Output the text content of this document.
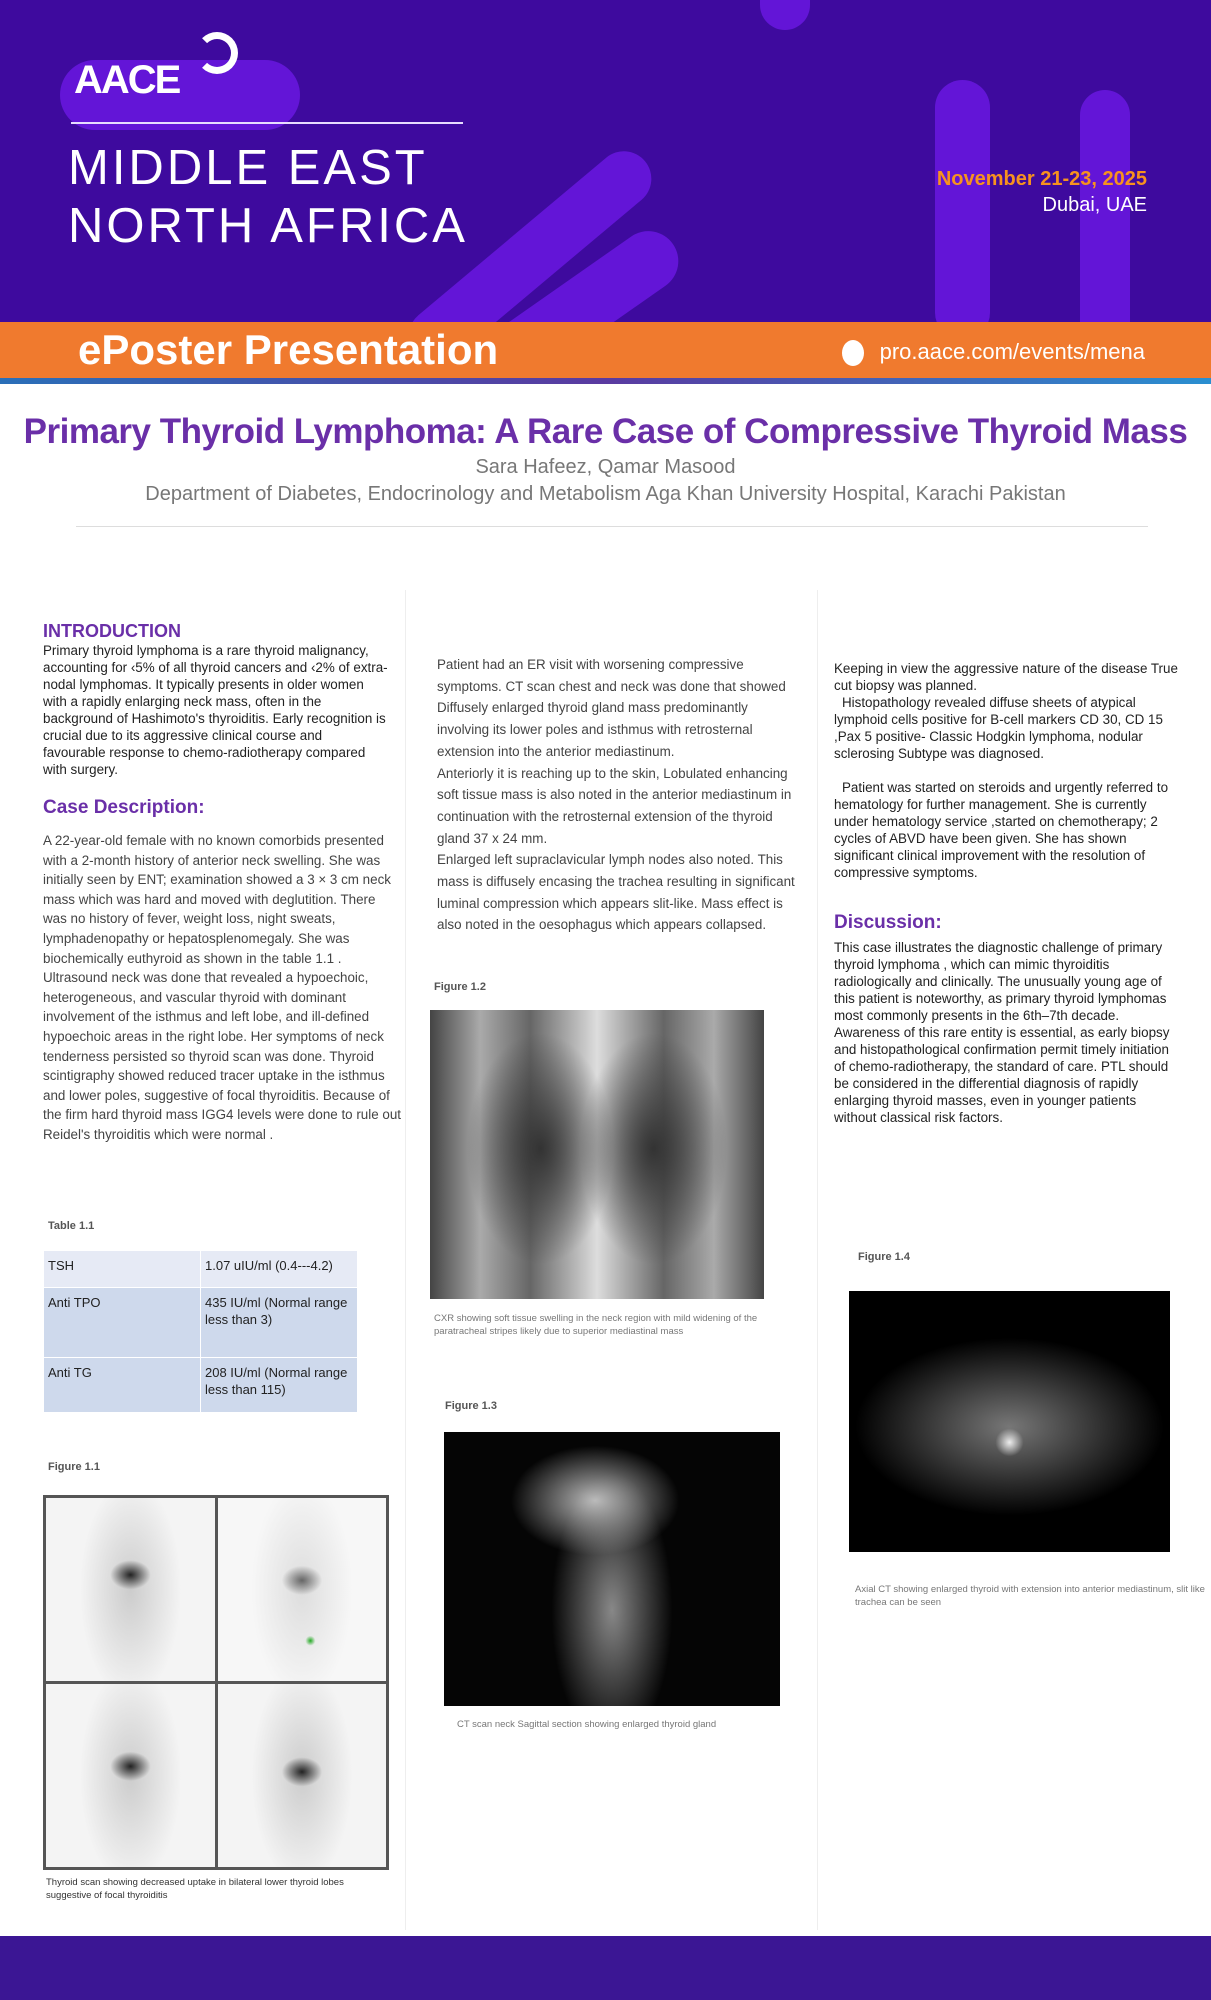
AACE
MIDDLE EAST
NORTH AFRICA
November 21-23, 2025
Dubai, UAE
ePoster Presentation	pro.aace.com/events/mena
Primary Thyroid Lymphoma: A Rare Case of Compressive Thyroid Mass
Sara Hafeez, Qamar Masood
Department of Diabetes, Endocrinology and Metabolism Aga Khan University Hospital, Karachi Pakistan
INTRODUCTION

Primary thyroid lymphoma is a rare thyroid malignancy, accounting for ‹5% of all thyroid cancers and ‹2% of extra-nodal lymphomas. It typically presents in older women with a rapidly enlarging neck mass, often in the background of Hashimoto's thyroiditis. Early recognition is crucial due to its aggressive clinical course and favourable response to chemo-radiotherapy compared with surgery.

Case Description:

A 22-year-old female with no known comorbids presented with a 2-month history of anterior neck swelling. She was initially seen by ENT; examination showed a 3 × 3 cm neck mass which was hard and moved with deglutition. There was no history of fever, weight loss, night sweats, lymphadenopathy or hepatosplenomegaly. She was biochemically euthyroid as shown in the table 1.1 . Ultrasound neck was done that revealed a hypoechoic, heterogeneous, and vascular thyroid with dominant involvement of the isthmus and left lobe, and ill-defined hypoechoic areas in the right lobe. Her symptoms of neck tenderness persisted so thyroid scan was done. Thyroid scintigraphy showed reduced tracer uptake in the isthmus and lower poles, suggestive of focal thyroiditis. Because of the firm hard thyroid mass IGG4 levels were done to rule out Reidel's thyroiditis which were normal .

Table 1.1
TSH	1.07 uIU/ml (0.4---4.2)
Anti TPO	435 IU/ml (Normal range less than 3)
Anti TG	208 IU/ml (Normal range less than 115)
Figure 1.1

Thyroid scan showing decreased uptake in bilateral lower thyroid lobes suggestive of focal thyroiditis

Patient had an ER visit with worsening compressive symptoms. CT scan chest and neck was done that showed Diffusely enlarged thyroid gland mass predominantly involving its lower poles and isthmus with retrosternal extension into the anterior mediastinum.

Anteriorly it is reaching up to the skin, Lobulated enhancing soft tissue mass is also noted in the anterior mediastinum in continuation with the retrosternal extension of the thyroid gland 37 x 24 mm.

Enlarged left supraclavicular lymph nodes also noted. This mass is diffusely encasing the trachea resulting in significant luminal compression which appears slit-like. Mass effect is also noted in the oesophagus which appears collapsed.

Figure 1.2

CXR showing soft tissue swelling in the neck region with mild widening of the paratracheal stripes likely due to superior mediastinal mass

Figure 1.3

CT scan neck Sagittal section showing enlarged thyroid gland

Keeping in view the aggressive nature of the disease True cut biopsy was planned.

Histopathology revealed diffuse sheets of atypical lymphoid cells positive for B-cell markers CD 30, CD 15 ,Pax 5 positive- Classic Hodgkin lymphoma, nodular sclerosing Subtype was diagnosed.

Patient was started on steroids and urgently referred to hematology for further management. She is currently under hematology service ,started on chemotherapy; 2 cycles of ABVD have been given. She has shown significant clinical improvement with the resolution of compressive symptoms.

Discussion:

This case illustrates the diagnostic challenge of primary thyroid lymphoma , which can mimic thyroiditis radiologically and clinically. The unusually young age of this patient is noteworthy, as primary thyroid lymphomas most commonly presents in the 6th–7th decade. Awareness of this rare entity is essential, as early biopsy and histopathological confirmation permit timely initiation of chemo-radiotherapy, the standard of care. PTL should be considered in the differential diagnosis of rapidly enlarging thyroid masses, even in younger patients without classical risk factors.

Figure 1.4

Axial CT showing enlarged thyroid with extension into anterior mediastinum, slit like trachea can be seen
